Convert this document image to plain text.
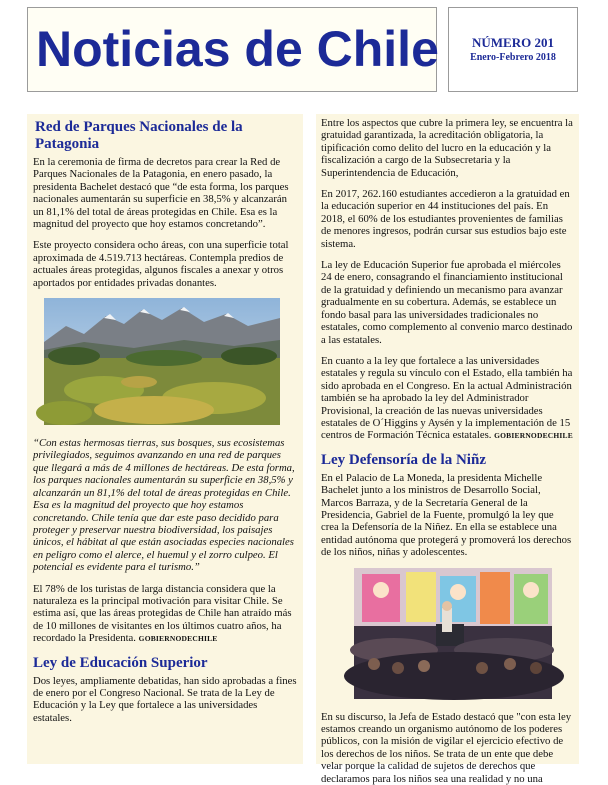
Noticias de Chile	NÚMERO 201
Enero-Febrero 2018
Red de Parques Nacionales de la Patagonia

En la ceremonia de firma de decretos para crear la Red de Parques Nacionales de la Patagonia, en enero pasado, la presidenta Bachelet destacó que “de esta forma, los parques nacionales aumentarán su superficie en 38,5% y alcanzarán un 81,1% del total de áreas protegidas en Chile. Esa es la magnitud del proyecto que hoy estamos concretando”.

Este proyecto considera ocho áreas, con una superficie total aproximada de 4.519.713 hectáreas. Contempla predios de actuales áreas protegidas, algunos fiscales a anexar y otros aportados por entidades privadas donantes.

“Con estas hermosas tierras, sus bosques, sus ecosistemas privilegiados, seguimos avanzando en una red de parques que llegará a más de 4 millones de hectáreas. De esta forma, los parques nacionales aumentarán su superficie en 38,5% y alcanzarán un 81,1% del total de áreas protegidas en Chile. Esa es la magnitud del proyecto que hoy estamos concretando. Chile tenía que dar este paso decidido para proteger y preservar nuestra biodiversidad, los paisajes únicos, el hábitat al que están asociadas especies nacionales en peligro como el alerce, el huemul y el zorro culpeo. El potencial es evidente para el turismo.”

El 78% de los turistas de larga distancia considera que la naturaleza es la principal motivación para visitar Chile. Se estima así, que las áreas protegidas de Chile han atraído más de 10 millones de visitantes en los últimos cuatro años, ha recordado la Presidenta. GOBIERNODECHILE

Ley de Educación Superior

Dos leyes, ampliamente debatidas, han sido aprobadas a fines de enero por el Congreso Nacional. Se trata de la Ley de Educación y la Ley que fortalece a las universidades estatales.

Entre los aspectos que cubre la primera ley, se encuentra la gratuidad garantizada, la acreditación obligatoria, la tipificación como delito del lucro en la educación y la fiscalización a cargo de la Subsecretaria y la Superintendencia de Educación,

En 2017, 262.160 estudiantes accedieron a la gratuidad en la educación superior en 44 instituciones del país. En 2018, el 60% de los estudiantes provenientes de familias de menores ingresos, podrán cursar sus estudios bajo este sistema.

La ley de Educación Superior fue aprobada el miércoles 24 de enero, consagrando el financiamiento institucional de la gratuidad y definiendo un mecanismo para avanzar gradualmente en su cobertura. Además, se establece un fondo basal para las universidades tradicionales no estatales, como complemento al convenio marco destinado a las estatales.

En cuanto a la ley que fortalece a las universidades estatales y regula su vínculo con el Estado, ella también ha sido aprobada en el Congreso. En la actual Administración también se ha aprobado la ley del Administrador Provisional, la creación de las nuevas universidades estatales de O´Higgins y Aysén y la implementación de 15 centros de Formación Técnica estatales. GOBIERNODECHILE

Ley Defensoría de la Niñz

En el Palacio de La Moneda, la presidenta Michelle Bachelet junto a los ministros de Desarrollo Social, Marcos Barraza, y de la Secretaría General de la Presidencia, Gabriel de la Fuente, promulgó la ley que crea la Defensoría de la Niñez. En ella se establece una entidad autónoma que protegerá y promoverá los derechos de los niños, niñas y adolescentes.

En su discurso, la Jefa de Estado destacó que "con esta ley estamos creando un organismo autónomo de los poderes públicos, con la misión de vigilar el ejercicio efectivo de los derechos de los niños. Se trata de un ente que debe velar porque la calidad de sujetos de derechos que declaramos para los niños sea una realidad y no una
